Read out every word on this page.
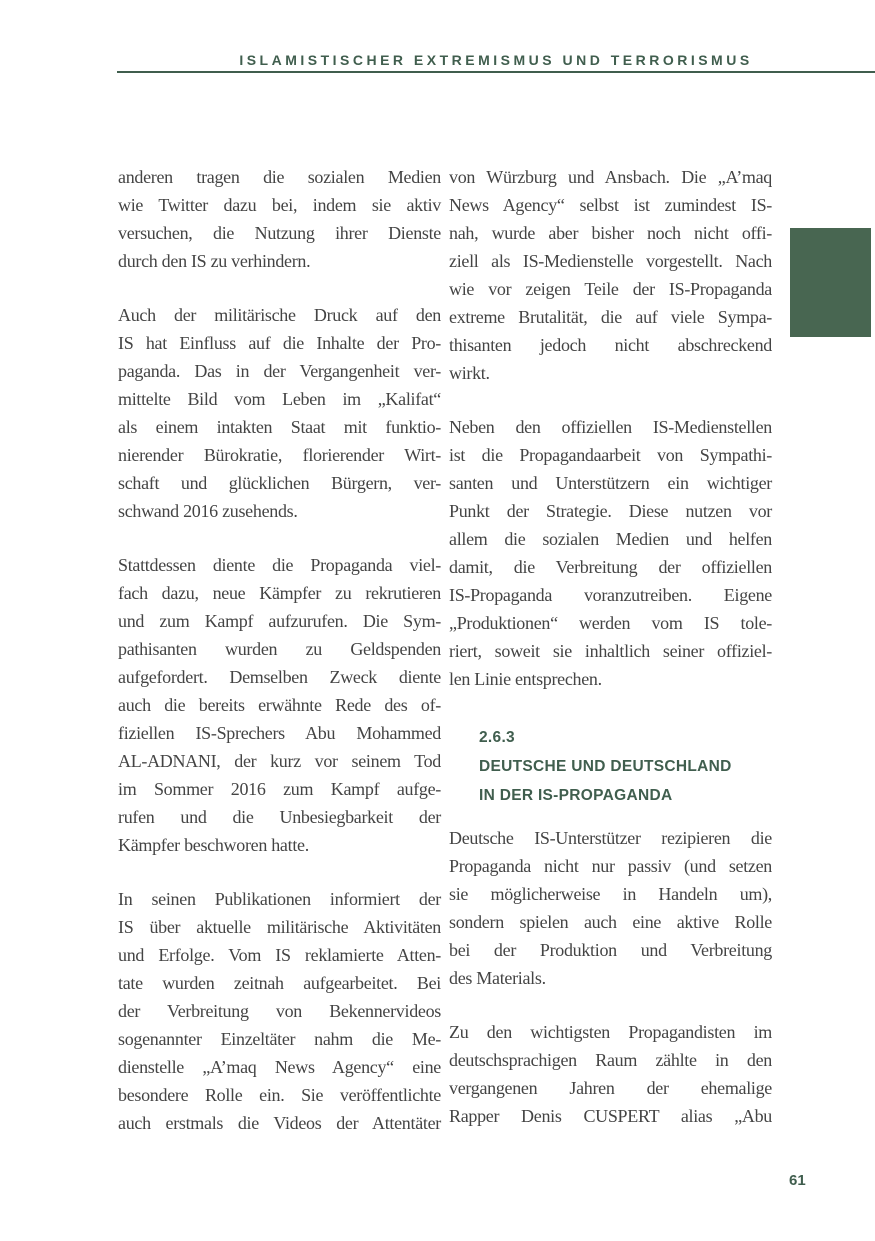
ISLAMISTISCHER EXTREMISMUS UND TERRORISMUS
anderen tragen die sozialen Medien
wie Twitter dazu bei, indem sie aktiv
versuchen, die Nutzung ihrer Dienste
durch den IS zu verhindern.
Auch der militärische Druck auf den
IS hat Einfluss auf die Inhalte der Pro-
paganda. Das in der Vergangenheit ver-
mittelte Bild vom Leben im „Kalifat“
als einem intakten Staat mit funktio-
nierender Bürokratie, florierender Wirt-
schaft und glücklichen Bürgern, ver-
schwand 2016 zusehends.
Stattdessen diente die Propaganda viel-
fach dazu, neue Kämpfer zu rekrutieren
und zum Kampf aufzurufen. Die Sym-
pathisanten wurden zu Geldspenden
aufgefordert. Demselben Zweck diente
auch die bereits erwähnte Rede des of-
fiziellen IS-Sprechers Abu Mohammed
AL-ADNANI, der kurz vor seinem Tod
im Sommer 2016 zum Kampf aufge-
rufen und die Unbesiegbarkeit der
Kämpfer beschworen hatte.
In seinen Publikationen informiert der
IS über aktuelle militärische Aktivitäten
und Erfolge. Vom IS reklamierte Atten-
tate wurden zeitnah aufgearbeitet. Bei
der Verbreitung von Bekennervideos
sogenannter Einzeltäter nahm die Me-
dienstelle „A’maq News Agency“ eine
besondere Rolle ein. Sie veröffentlichte
auch erstmals die Videos der Attentäter
von Würzburg und Ansbach. Die „A’maq
News Agency“ selbst ist zumindest IS-
nah, wurde aber bisher noch nicht offi-
ziell als IS-Medienstelle vorgestellt. Nach
wie vor zeigen Teile der IS-Propaganda
extreme Brutalität, die auf viele Sympa-
thisanten jedoch nicht abschreckend
wirkt.
Neben den offiziellen IS-Medienstellen
ist die Propagandaarbeit von Sympathi-
santen und Unterstützern ein wichtiger
Punkt der Strategie. Diese nutzen vor
allem die sozialen Medien und helfen
damit, die Verbreitung der offiziellen
IS-Propaganda voranzutreiben. Eigene
„Produktionen“ werden vom IS tole-
riert, soweit sie inhaltlich seiner offiziel-
len Linie entsprechen.
2.6.3
DEUTSCHE UND DEUTSCHLAND
IN DER IS-PROPAGANDA
Deutsche IS-Unterstützer rezipieren die
Propaganda nicht nur passiv (und setzen
sie möglicherweise in Handeln um),
sondern spielen auch eine aktive Rolle
bei der Produktion und Verbreitung
des Materials.
Zu den wichtigsten Propagandisten im
deutschsprachigen Raum zählte in den
vergangenen Jahren der ehemalige
Rapper Denis CUSPERT alias „Abu
61
